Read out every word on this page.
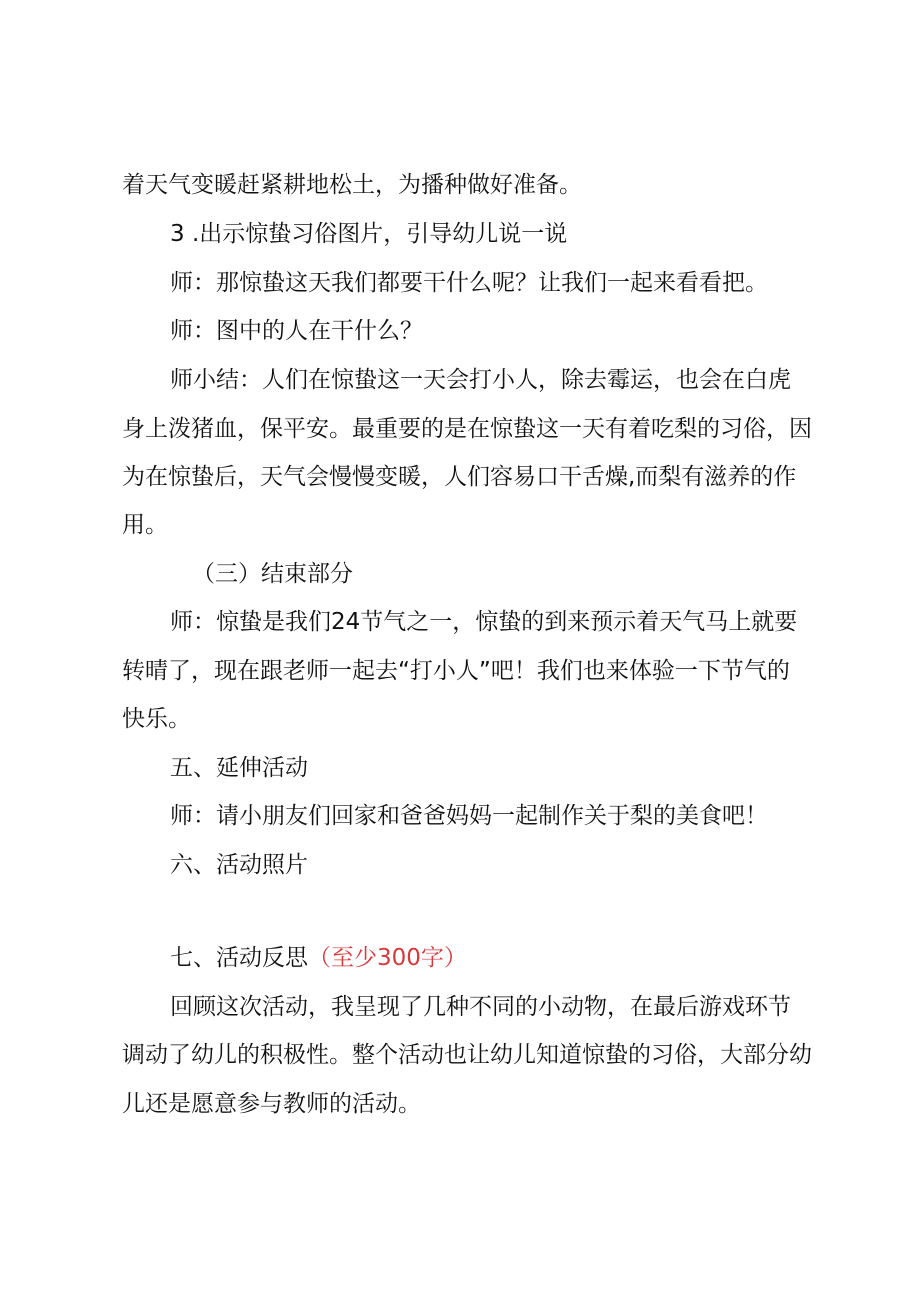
着天气变暖赶紧耕地松土，为播种做好准备。
3 .出示惊蛰习俗图片，引导幼儿说一说
师：那惊蛰这天我们都要干什么呢？让我们一起来看看把。
师：图中的人在干什么？
师小结：人们在惊蛰这一天会打小人，除去霉运，也会在白虎
身上泼猪血，保平安。最重要的是在惊蛰这一天有着吃梨的习俗，因
为在惊蛰后，天气会慢慢变暖，人们容易口干舌燥,而梨有滋养的作
用。
（三）结束部分
师：惊蛰是我们24节气之一，惊蛰的到来预示着天气马上就要
转晴了，现在跟老师一起去“打小人”吧！我们也来体验一下节气的
快乐。
五、延伸活动
师：请小朋友们回家和爸爸妈妈一起制作关于梨的美食吧！
六、活动照片
七、活动反思（至少300字）
回顾这次活动，我呈现了几种不同的小动物，在最后游戏环节
调动了幼儿的积极性。整个活动也让幼儿知道惊蛰的习俗，大部分幼
儿还是愿意参与教师的活动。
